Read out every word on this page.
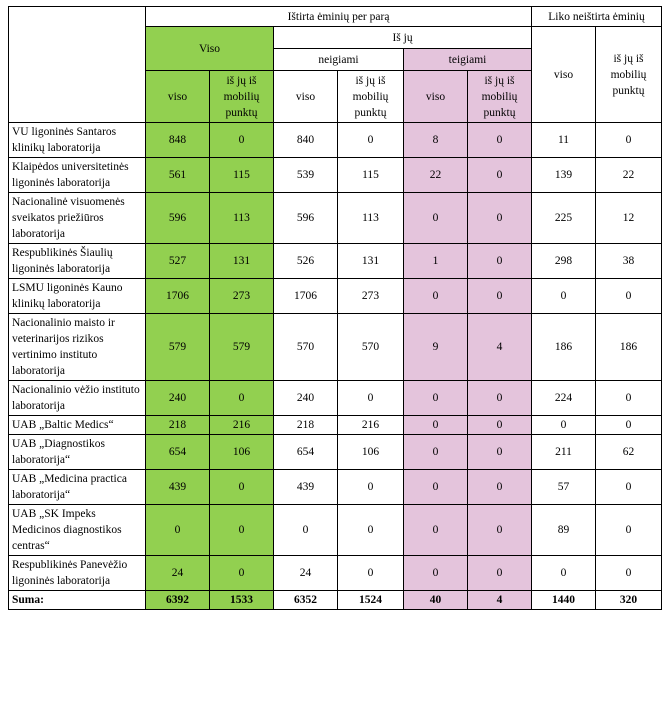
	Ištirta ėminių per parą						Liko neištirta ėminių	
	Viso		Iš jų				viso	iš jų iš mobilių punktų
			neigiami		teigiami			
	viso	iš jų iš mobilių punktų	viso	iš jų iš mobilių punktų	viso	iš jų iš mobilių punktų		
VU ligoninės Santaros klinikų laboratorija	848	0	840	0	8	0	11	0
Klaipėdos universitetinės ligoninės laboratorija	561	115	539	115	22	0	139	22
Nacionalinė visuomenės sveikatos priežiūros laboratorija	596	113	596	113	0	0	225	12
Respublikinės Šiaulių ligoninės laboratorija	527	131	526	131	1	0	298	38
LSMU ligoninės Kauno klinikų laboratorija	1706	273	1706	273	0	0	0	0
Nacionalinio maisto ir veterinarijos rizikos vertinimo instituto laboratorija	579	579	570	570	9	4	186	186
Nacionalinio vėžio instituto laboratorija	240	0	240	0	0	0	224	0
UAB „Baltic Medics“	218	216	218	216	0	0	0	0
UAB „Diagnostikos laboratorija“	654	106	654	106	0	0	211	62
UAB „Medicina practica laboratorija“	439	0	439	0	0	0	57	0
UAB „SK Impeks Medicinos diagnostikos centras“	0	0	0	0	0	0	89	0
Respublikinės Panevėžio ligoninės laboratorija	24	0	24	0	0	0	0	0
Suma:	6392	1533	6352	1524	40	4	1440	320
